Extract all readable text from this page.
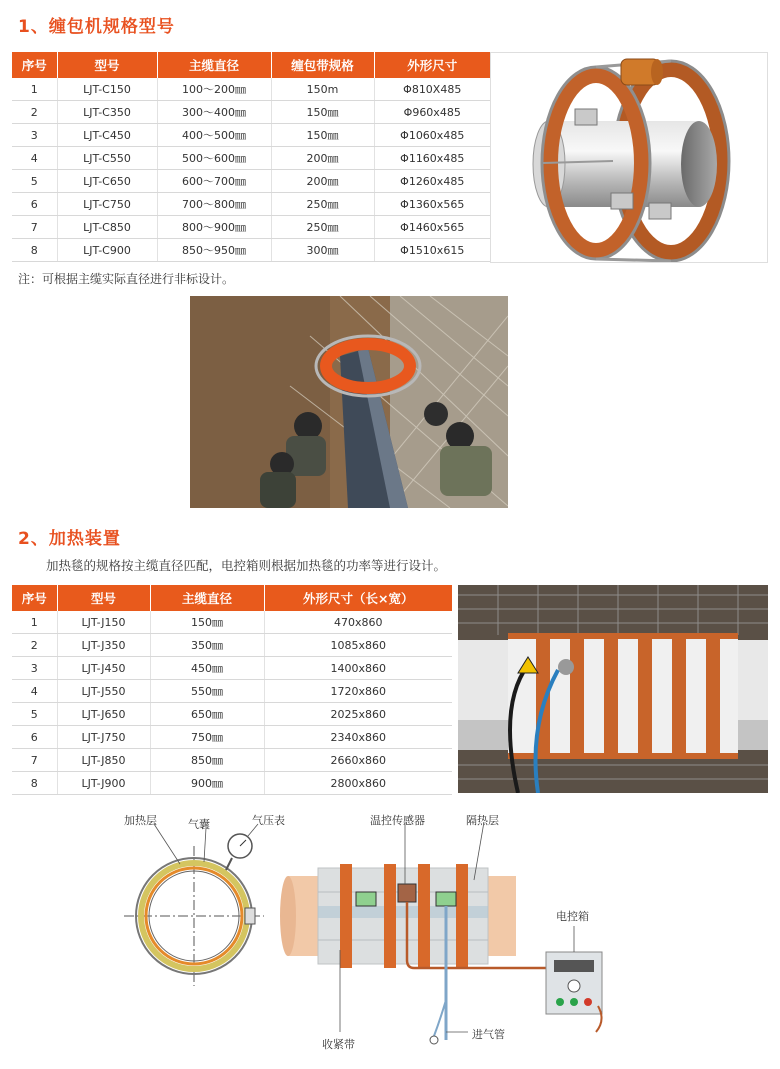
1、缠包机规格型号
序号	型号	主缆直径	缠包带规格	外形尺寸
1	LJT-C150	100～200㎜	150m	Φ810X485
2	LJT-C350	300～400㎜	150㎜	Φ960x485
3	LJT-C450	400～500㎜	150㎜	Φ1060x485
4	LJT-C550	500～600㎜	200㎜	Φ1160x485
5	LJT-C650	600～700㎜	200㎜	Φ1260x485
6	LJT-C750	700～800㎜	250㎜	Φ1360x565
7	LJT-C850	800～900㎜	250㎜	Φ1460x565
8	LJT-C900	850～950㎜	300㎜	Φ1510x615
注：可根据主缆实际直径进行非标设计。
2、加热装置
加热毯的规格按主缆直径匹配，电控箱则根据加热毯的功率等进行设计。
序号	型号	主缆直径	外形尺寸（长×宽）
1	LJT-J150	150㎜	470x860
2	LJT-J350	350㎜	1085x860
3	LJT-J450	450㎜	1400x860
4	LJT-J550	550㎜	1720x860
5	LJT-J650	650㎜	2025x860
6	LJT-J750	750㎜	2340x860
7	LJT-J850	850㎜	2660x860
8	LJT-J900	900㎜	2800x860
加热层	气囊	气压表	温控传感器	隔热层
电控箱
收紧带
进气管
